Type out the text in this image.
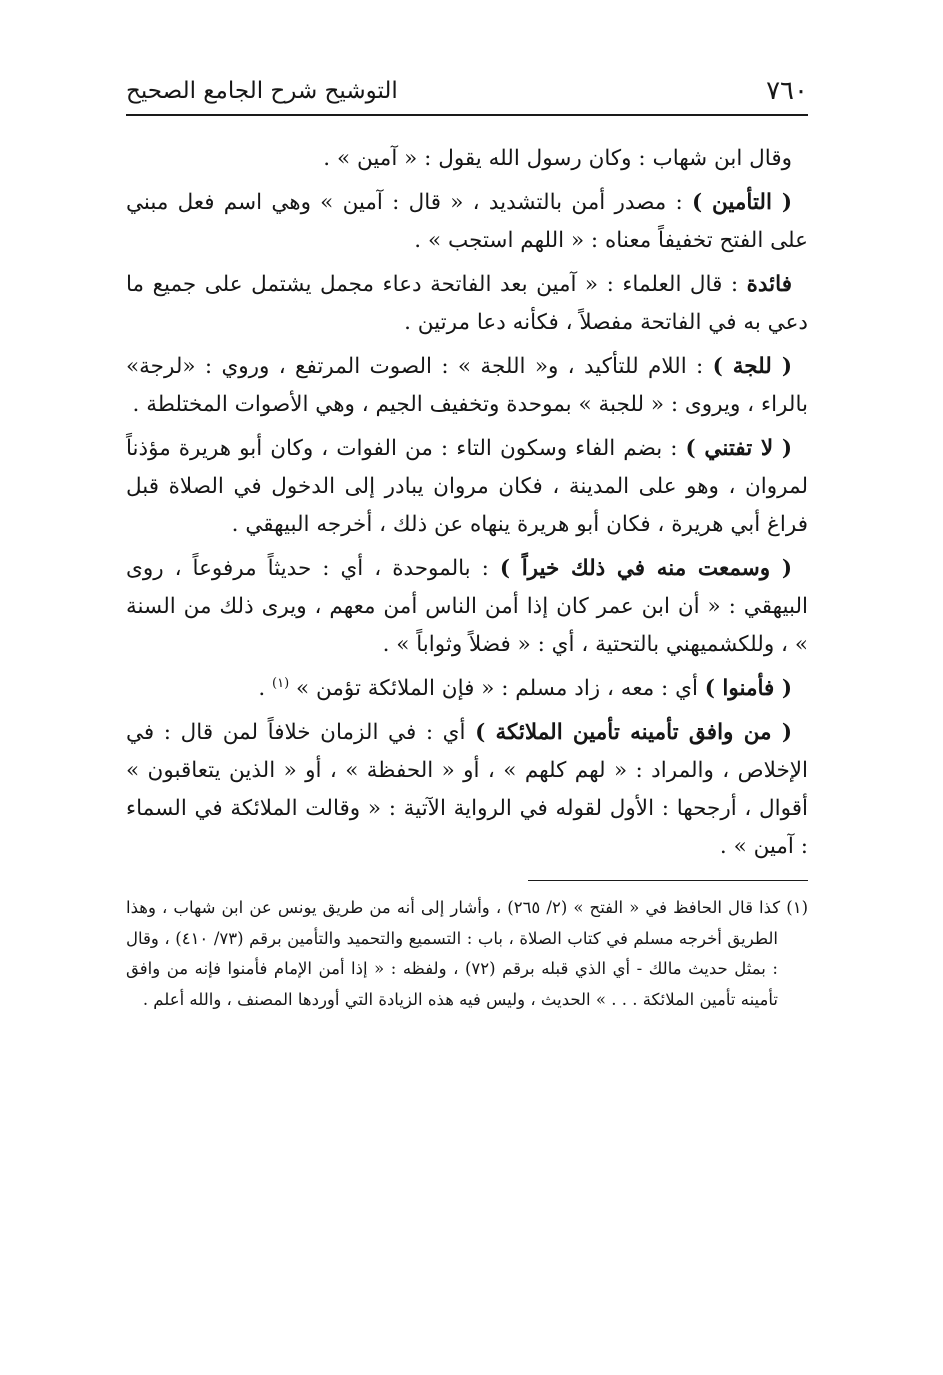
٧٦٠
التوشيح شرح الجامع الصحيح

وقال ابن شهاب : وكان رسول الله يقول : « آمين » .

( التأمين ) : مصدر أمن بالتشديد ، « قال : آمين » وهي اسم فعل مبني على الفتح تخفيفاً معناه : « اللهم استجب » .

فائدة : قال العلماء : « آمين بعد الفاتحة دعاء مجمل يشتمل على جميع ما دعي به في الفاتحة مفصلاً ، فكأنه دعا مرتين .

( للجة ) : اللام للتأكيد ، و« اللجة » : الصوت المرتفع ، وروي : «لرجة» بالراء ، ويروى : « للجبة » بموحدة وتخفيف الجيم ، وهي الأصوات المختلطة .

( لا تفتني ) : بضم الفاء وسكون التاء : من الفوات ، وكان أبو هريرة مؤذناً لمروان ، وهو على المدينة ، فكان مروان يبادر إلى الدخول في الصلاة قبل فراغ أبي هريرة ، فكان أبو هريرة ينهاه عن ذلك ، أخرجه البيهقي .

( وسمعت منه في ذلك خيراً ) : بالموحدة ، أي : حديثاً مرفوعاً ، روى البيهقي : « أن ابن عمر كان إذا أمن الناس أمن معهم ، ويرى ذلك من السنة » ، وللكشميهني بالتحتية ، أي : « فضلاً وثواباً » .

( فأمنوا ) أي : معه ، زاد مسلم : « فإن الملائكة تؤمن » $^{(١)}$ .

( من وافق تأمينه تأمين الملائكة ) أي : في الزمان خلافاً لمن قال : في الإخلاص ، والمراد : « لهم كلهم » ، أو « الحفظة » ، أو « الذين يتعاقبون » أقوال ، أرجحها : الأول لقوله في الرواية الآتية : « وقالت الملائكة في السماء : آمين » .

(١) كذا قال الحافظ في « الفتح » (٢/ ٢٦٥) ، وأشار إلى أنه من طريق يونس عن ابن شهاب ، وهذا الطريق أخرجه مسلم في كتاب الصلاة ، باب : التسميع والتحميد والتأمين برقم (٧٣/ ٤١٠) ، وقال : بمثل حديث مالك - أي الذي قبله برقم (٧٢) ، ولفظه : « إذا أمن الإمام فأمنوا فإنه من وافق تأمينه تأمين الملائكة . . . » الحديث ، وليس فيه هذه الزيادة التي أوردها المصنف ، والله أعلم .
